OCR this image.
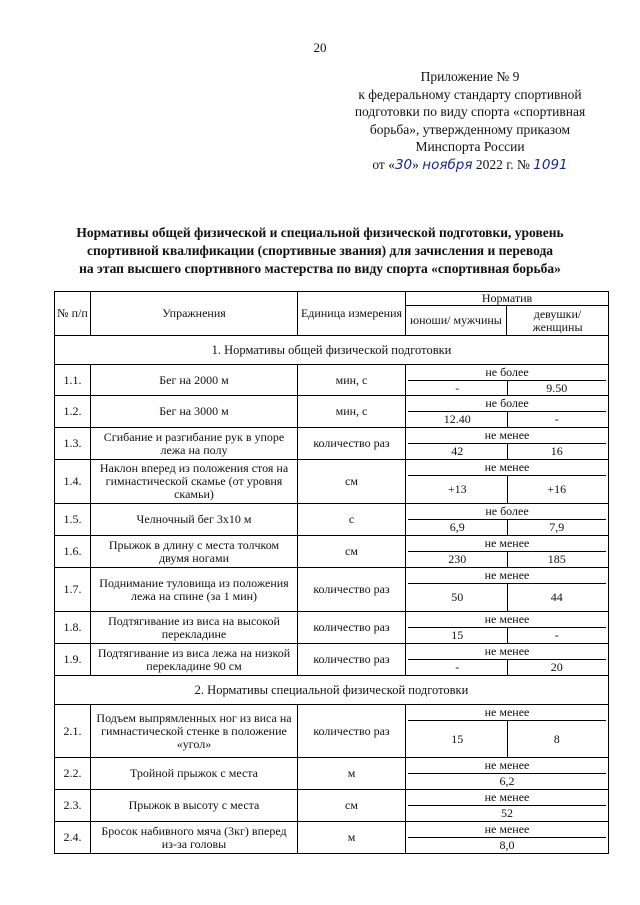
20
Приложение № 9
к федеральному стандарту спортивной
подготовки по виду спорта «спортивная
борьба», утвержденному приказом
Минспорта России
от «30» ноября 2022 г. № 1091
Нормативы общей физической и специальной физической подготовки, уровень
спортивной квалификации (спортивные звания) для зачисления и перевода
на этап высшего спортивного мастерства по виду спорта «спортивная борьба»
№ п/п	Упражнения	Единица измерения	Норматив	
			юноши/ мужчины	девушки/ женщины
1. Нормативы общей физической подготовки				
1.1.	Бег на 2000 м	мин, с	не более
- 9.50	

1.2.	Бег на 3000 м	мин, с	не более
12.40 -	

1.3.	Сгибание и разгибание рук в упоре лежа на полу	количество раз	не менее
42 16	

1.4.	Наклон вперед из положения стоя на гимнастической скамье (от уровня скамьи)	см	не менее
+13 +16	

1.5.	Челночный бег 3х10 м	с	не более
6,9 7,9	

1.6.	Прыжок в длину с места толчком двумя ногами	см	не менее
230 185	

1.7.	Поднимание туловища из положения лежа на спине (за 1 мин)	количество раз	не менее
50 44	

1.8.	Подтягивание из виса на высокой перекладине	количество раз	не менее
15 -	

1.9.	Подтягивание из виса лежа на низкой перекладине 90 см	количество раз	не менее
- 20	

2. Нормативы специальной физической подготовки				
2.1.	Подъем выпрямленных ног из виса на гимнастической стенке в положение «угол»	количество раз	не менее
15 8	

2.2.	Тройной прыжок с места	м	не менее
6,2	

2.3.	Прыжок в высоту с места	см	не менее
52	

2.4.	Бросок набивного мяча (3кг) вперед из-за головы	м	не менее
8,0	
